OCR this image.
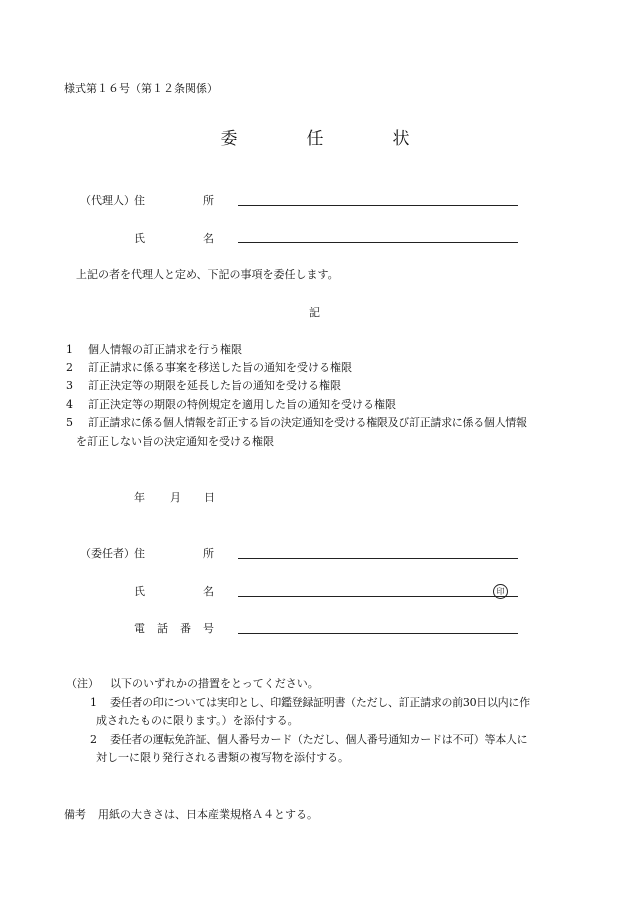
様式第１６号（第１２条関係）
委　任　状
（代理人） 住	所
氏	名
上記の者を代理人と定め、下記の事項を委任します。
記
1 個人情報の訂正請求を行う権限
2 訂正請求に係る事案を移送した旨の通知を受ける権限
3 訂正決定等の期限を延長した旨の通知を受ける権限
4 訂正決定等の期限の特例規定を適用した旨の通知を受ける権限
5 訂正請求に係る個人情報を訂正する旨の決定通知を受ける権限及び訂正請求に係る個人情報
を訂正しない旨の決定通知を受ける権限
年 月 日
（委任者） 住	所
氏	名	印
電 話 番 号
（注） 以下のいずれかの措置をとってください。
1 委任者の印については実印とし、印鑑登録証明書（ただし、訂正請求の前30日以内に作
成されたものに限ります。）を添付する。
2 委任者の運転免許証、個人番号カード（ただし、個人番号通知カードは不可）等本人に
対し一に限り発行される書類の複写物を添付する。
備考 用紙の大きさは、日本産業規格Ａ４とする。
